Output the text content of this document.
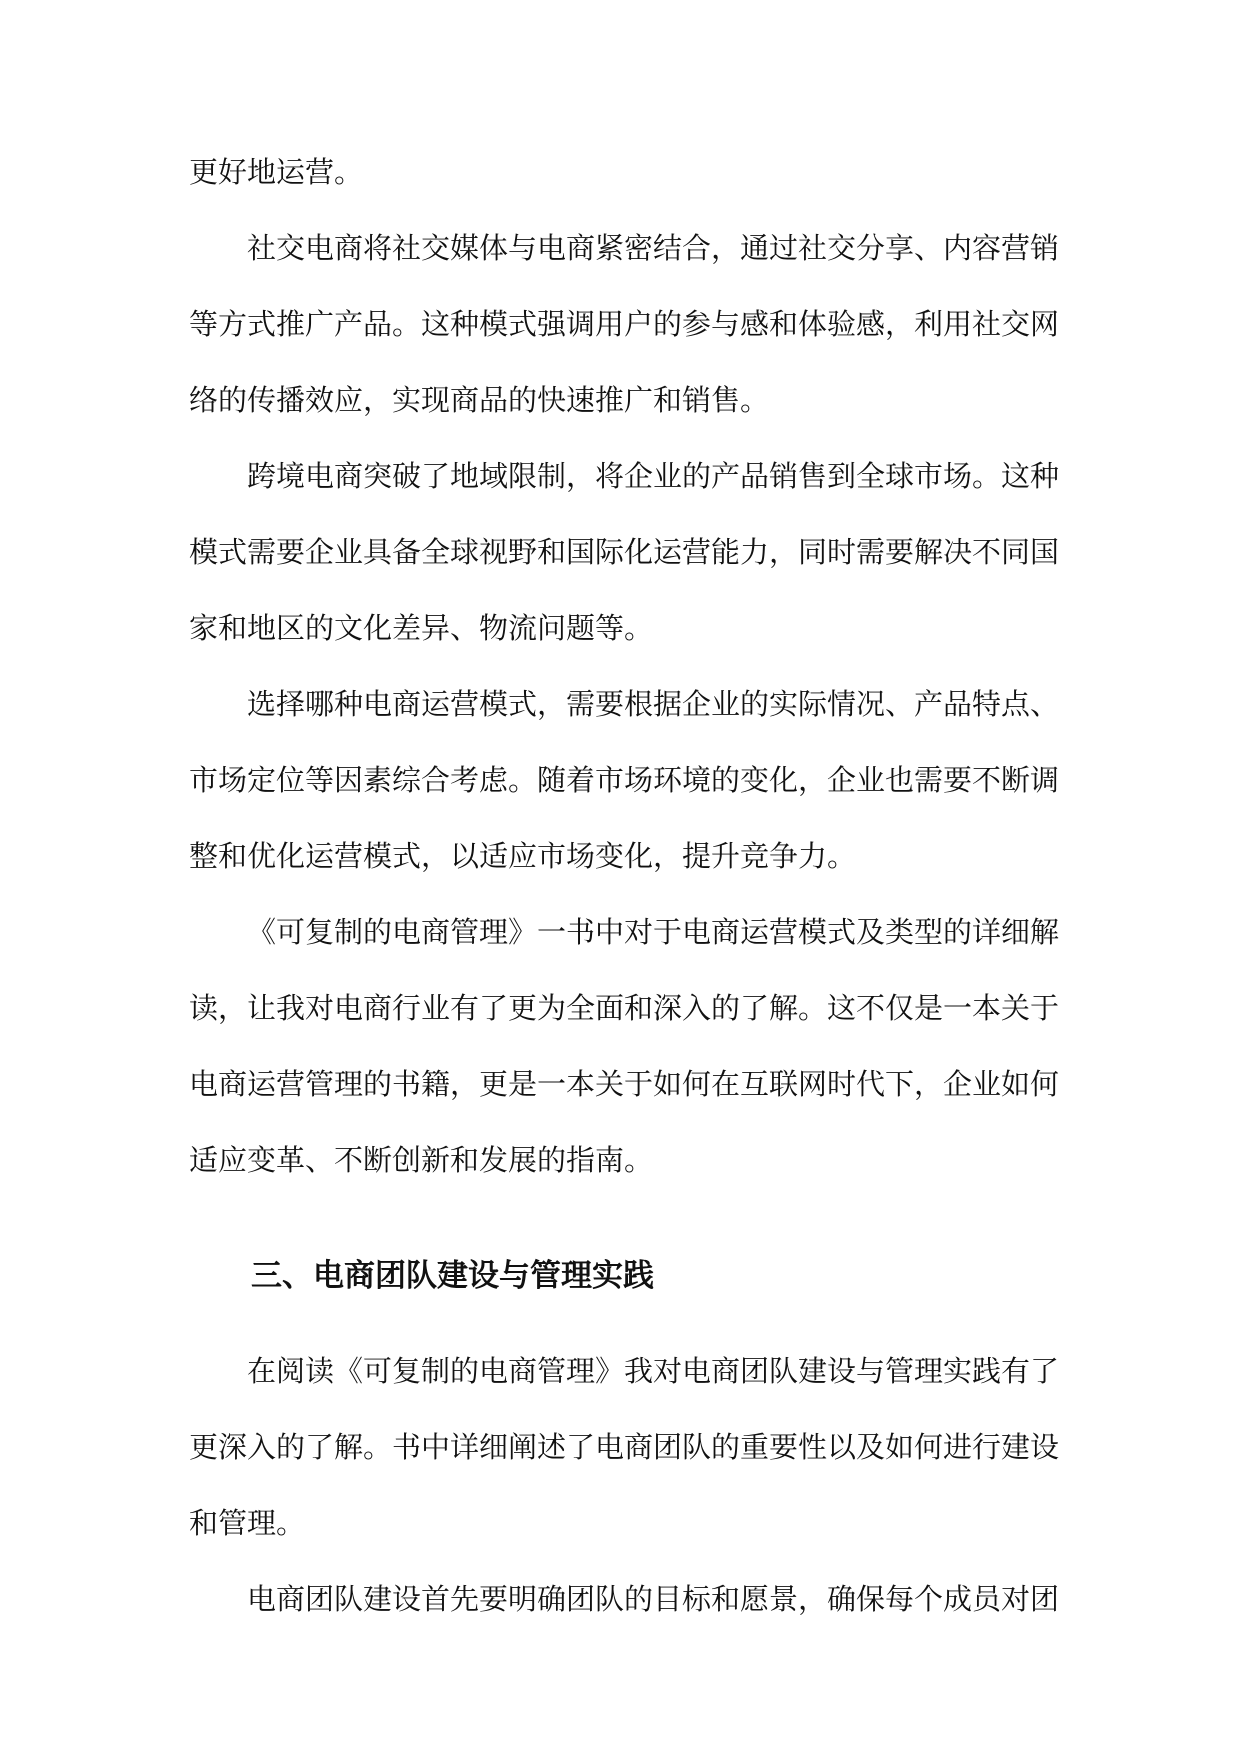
更好地运营。

社交电商将社交媒体与电商紧密结合，通过社交分享、内容营销等方式推广产品。这种模式强调用户的参与感和体验感，利用社交网络的传播效应，实现商品的快速推广和销售。

跨境电商突破了地域限制，将企业的产品销售到全球市场。这种模式需要企业具备全球视野和国际化运营能力，同时需要解决不同国家和地区的文化差异、物流问题等。

选择哪种电商运营模式，需要根据企业的实际情况、产品特点、市场定位等因素综合考虑。随着市场环境的变化，企业也需要不断调整和优化运营模式，以适应市场变化，提升竞争力。

《可复制的电商管理》一书中对于电商运营模式及类型的详细解读，让我对电商行业有了更为全面和深入的了解。这不仅是一本关于电商运营管理的书籍，更是一本关于如何在互联网时代下，企业如何适应变革、不断创新和发展的指南。

三、电商团队建设与管理实践

在阅读《可复制的电商管理》我对电商团队建设与管理实践有了更深入的了解。书中详细阐述了电商团队的重要性以及如何进行建设和管理。

电商团队建设首先要明确团队的目标和愿景，确保每个成员对团
